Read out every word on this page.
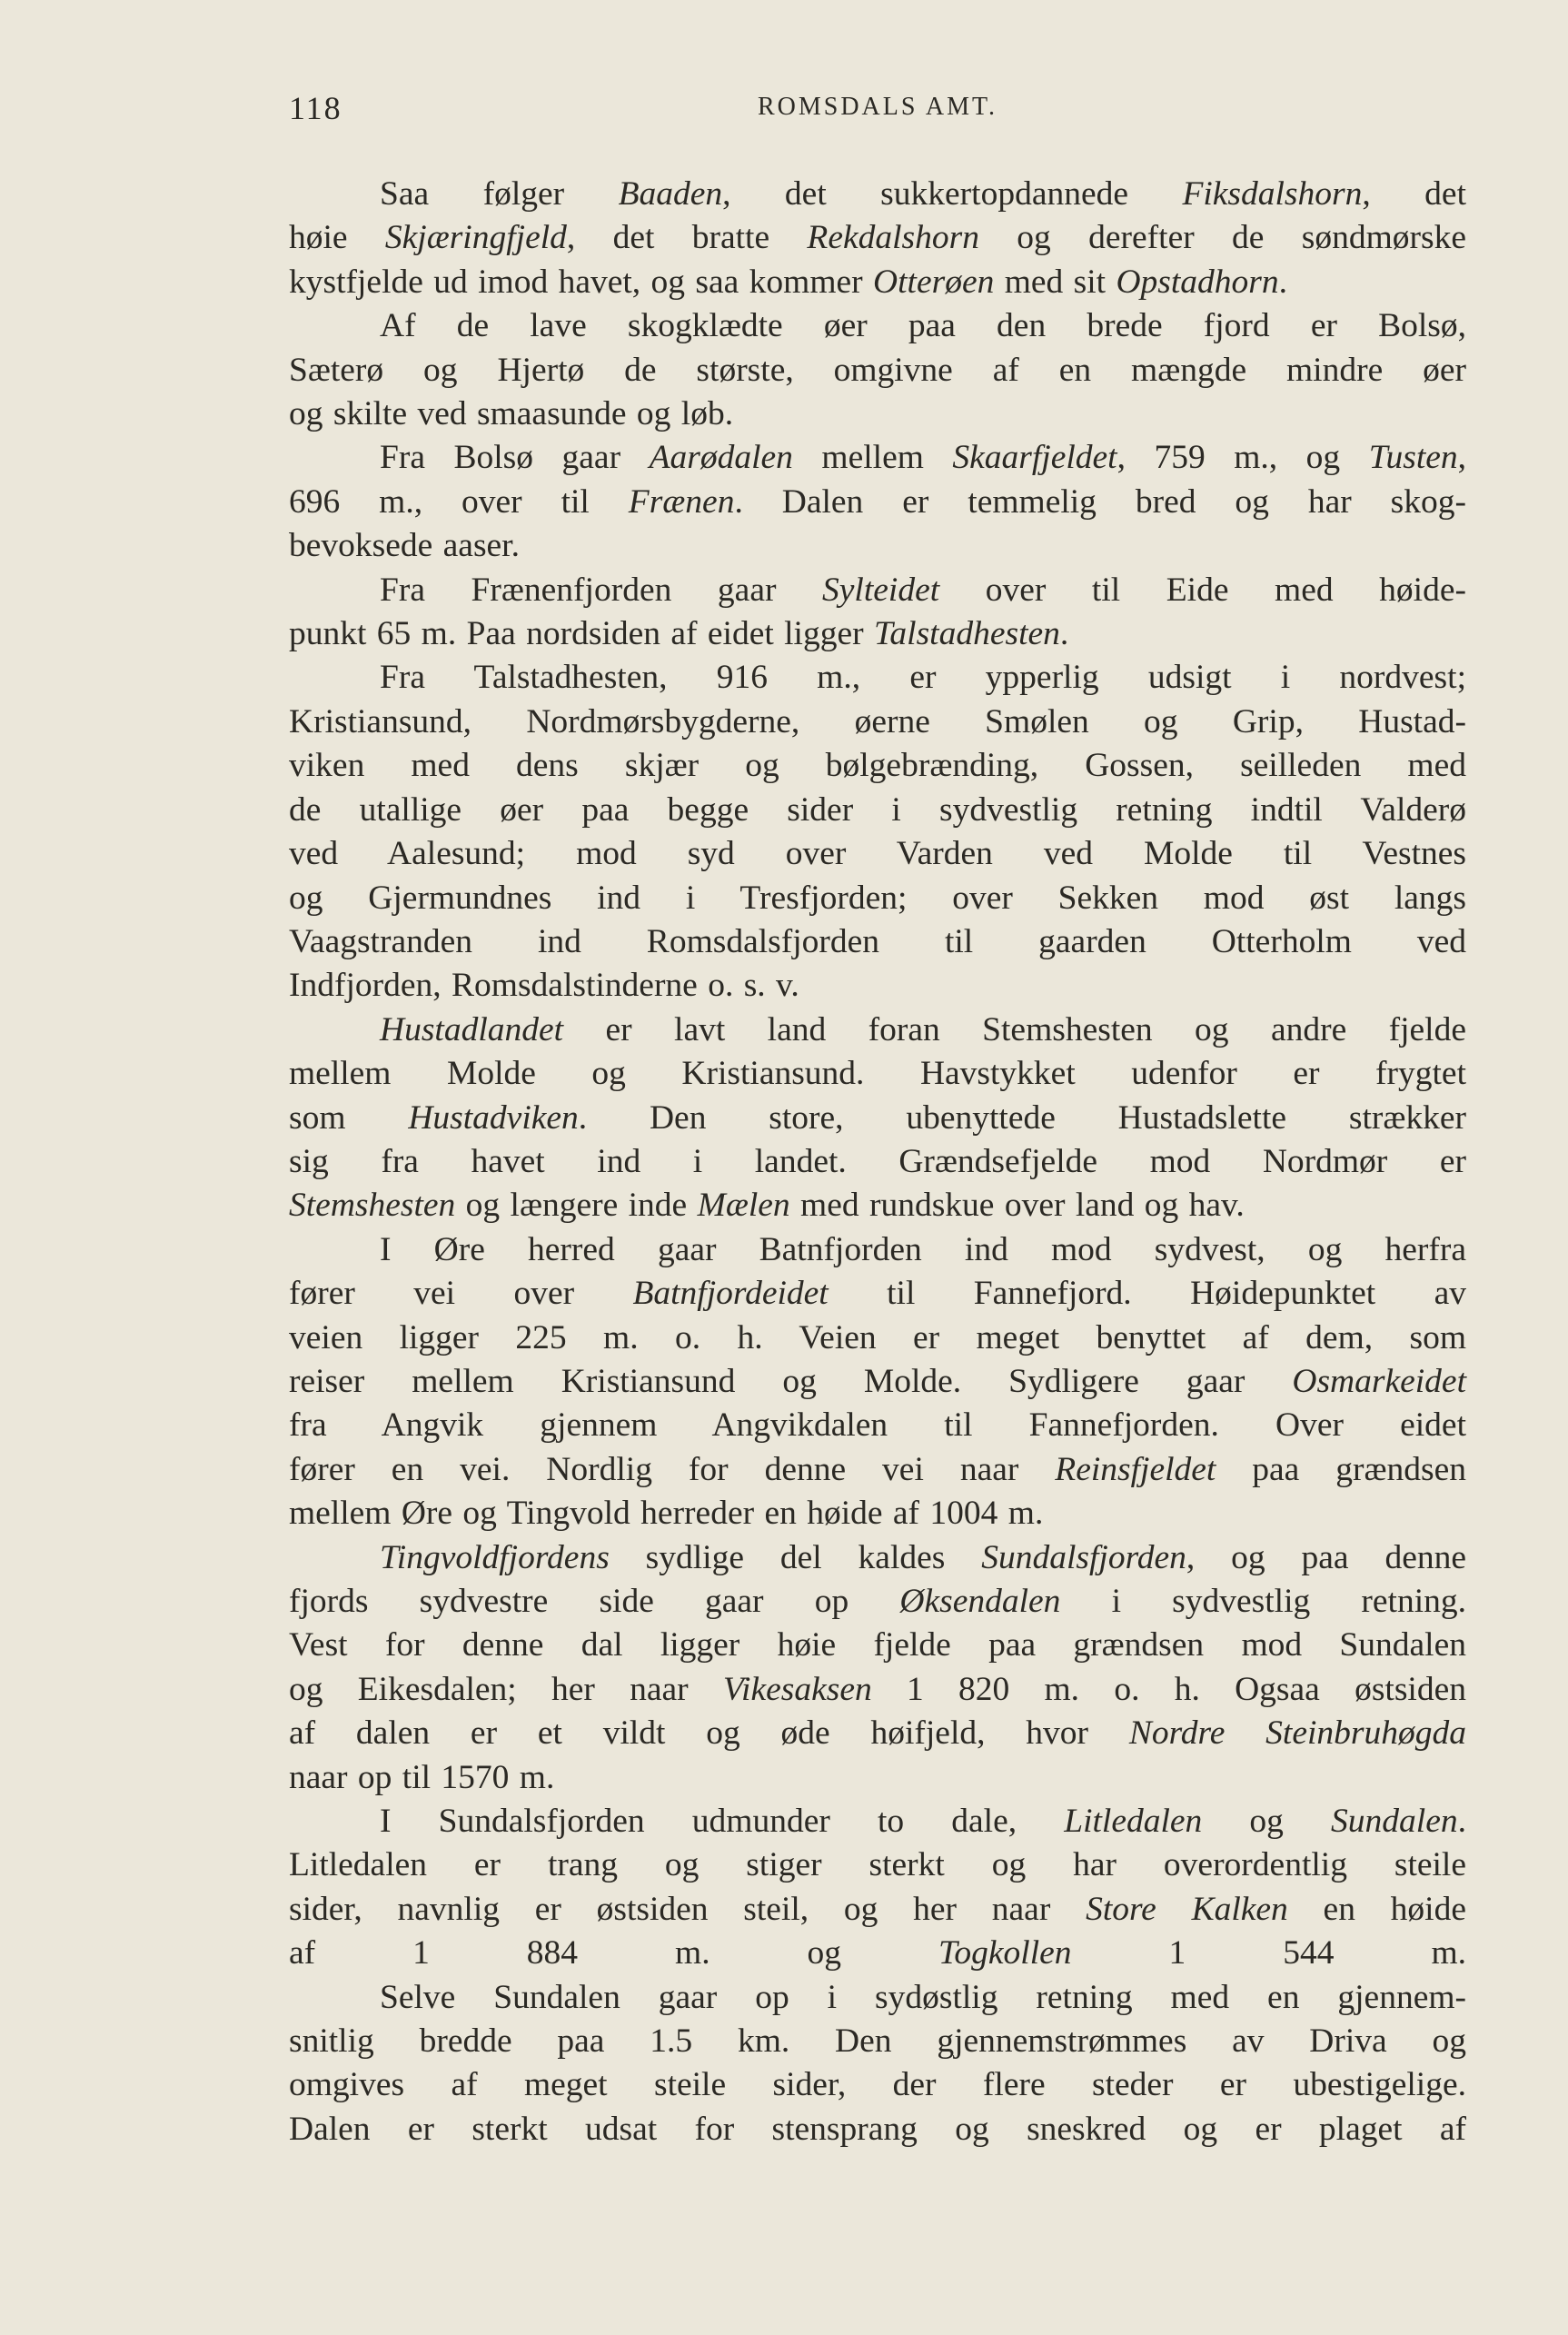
118	ROMSDALS AMT.
Saa følger Baaden, det sukkertopdannede Fiksdalshorn, det
høie Skjæringfjeld, det bratte Rekdalshorn og derefter de søndmørske
kystfjelde ud imod havet, og saa kommer Otterøen med sit Opstadhorn.
Af de lave skogklædte øer paa den brede fjord er Bolsø,
Sæterø og Hjertø de største, omgivne af en mængde mindre øer
og skilte ved smaasunde og løb.
Fra Bolsø gaar Aarødalen mellem Skaarfjeldet, 759 m., og Tusten,
696 m., over til Frænen. Dalen er temmelig bred og har skog-
bevoksede aaser.
Fra Frænenfjorden gaar Sylteidet over til Eide med høide-
punkt 65 m. Paa nordsiden af eidet ligger Talstadhesten.
Fra Talstadhesten, 916 m., er ypperlig udsigt i nordvest;
Kristiansund, Nordmørsbygderne, øerne Smølen og Grip, Hustad-
viken med dens skjær og bølgebrænding, Gossen, seilleden med
de utallige øer paa begge sider i sydvestlig retning indtil Valderø
ved Aalesund; mod syd over Varden ved Molde til Vestnes
og Gjermundnes ind i Tresfjorden; over Sekken mod øst langs
Vaagstranden ind Romsdalsfjorden til gaarden Otterholm ved
Indfjorden, Romsdalstinderne o. s. v.
Hustadlandet er lavt land foran Stemshesten og andre fjelde
mellem Molde og Kristiansund. Havstykket udenfor er frygtet
som Hustadviken. Den store, ubenyttede Hustadslette strækker
sig fra havet ind i landet. Grændsefjelde mod Nordmør er
Stemshesten og længere inde Mælen med rundskue over land og hav.
I Øre herred gaar Batnfjorden ind mod sydvest, og herfra
fører vei over Batnfjordeidet til Fannefjord. Høidepunktet av
veien ligger 225 m. o. h. Veien er meget benyttet af dem, som
reiser mellem Kristiansund og Molde. Sydligere gaar Osmarkeidet
fra Angvik gjennem Angvikdalen til Fannefjorden. Over eidet
fører en vei. Nordlig for denne vei naar Reinsfjeldet paa grændsen
mellem Øre og Tingvold herreder en høide af 1004 m.
Tingvoldfjordens sydlige del kaldes Sundalsfjorden, og paa denne
fjords sydvestre side gaar op Øksendalen i sydvestlig retning.
Vest for denne dal ligger høie fjelde paa grændsen mod Sundalen
og Eikesdalen; her naar Vikesaksen 1 820 m. o. h. Ogsaa østsiden
af dalen er et vildt og øde høifjeld, hvor Nordre Steinbruhøgda
naar op til 1570 m.
I Sundalsfjorden udmunder to dale, Litledalen og Sundalen.
Litledalen er trang og stiger sterkt og har overordentlig steile
sider, navnlig er østsiden steil, og her naar Store Kalken en høide
af 1 884 m. og Togkollen 1 544 m.
Selve Sundalen gaar op i sydøstlig retning med en gjennem-
snitlig bredde paa 1.5 km. Den gjennemstrømmes av Driva og
omgives af meget steile sider, der flere steder er ubestigelige.
Dalen er sterkt udsat for stensprang og sneskred og er plaget af
